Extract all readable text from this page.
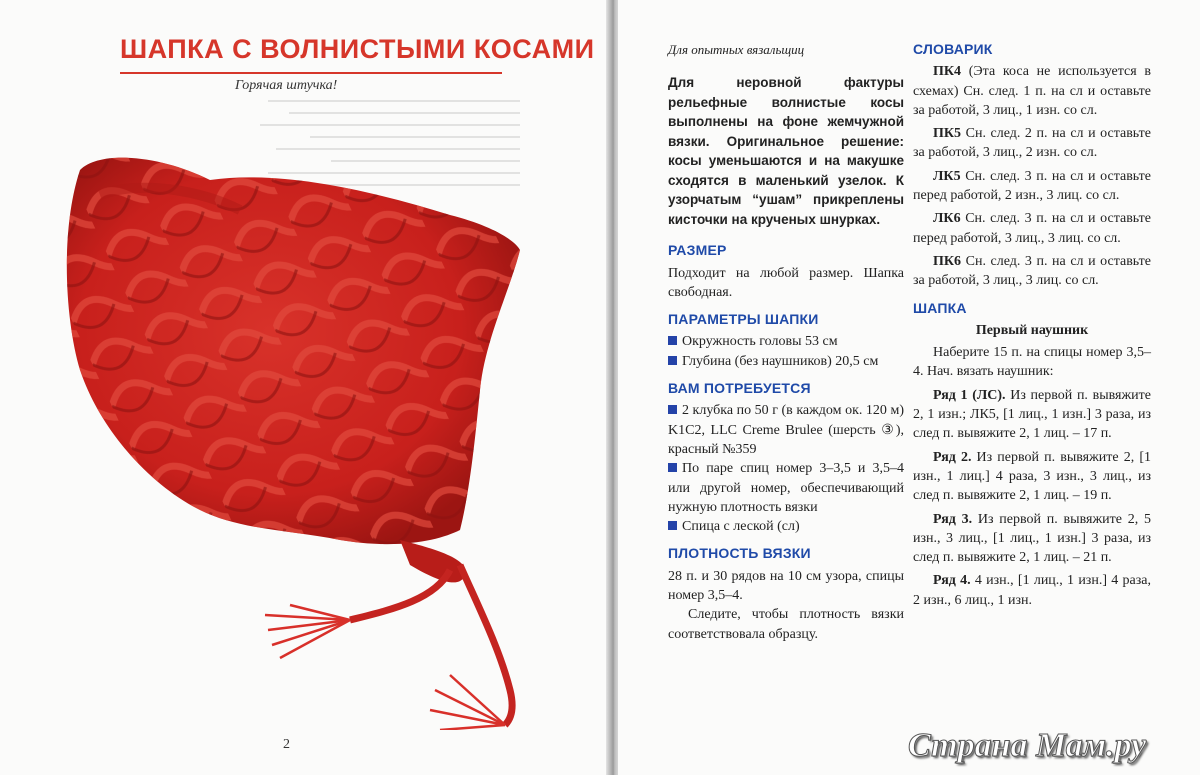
ШАПКА С ВОЛНИСТЫМИ КОСАМИ
Горячая штучка!
2
Для опытных вязальщиц

Для неровной фактуры рельефные волнистые косы выполнены на фоне жемчужной вязки. Оригинальное решение: косы уменьшаются и на макушке сходятся в маленький узелок. К узорчатым “ушам” прикреплены кисточки на крученых шнурках.

РАЗМЕР

Подходит на любой размер. Шапка свободная.

ПАРАМЕТРЫ ШАПКИ

Окружность головы 53 см

Глубина (без наушников) 20,5 см

ВАМ ПОТРЕБУЕТСЯ

2 клубка по 50 г (в каждом ок. 120 м) K1C2, LLC Creme Brulee (шерсть ③), красный №359

По паре спиц номер 3–3,5 и 3,5–4 или другой номер, обеспечивающий нужную плотность вязки

Спица с леской (сл)

ПЛОТНОСТЬ ВЯЗКИ

28 п. и 30 рядов на 10 см узора, спицы номер 3,5–4.

Следите, чтобы плотность вязки соответствовала образцу.

СЛОВАРИК

ПК4 (Эта коса не используется в схемах) Сн. след. 1 п. на сл и оставьте за работой, 3 лиц., 1 изн. со сл.

ПК5 Сн. след. 2 п. на сл и оставьте за работой, 3 лиц., 2 изн. со сл.

ЛК5 Сн. след. 3 п. на сл и оставьте перед работой, 2 изн., 3 лиц. со сл.

ЛК6 Сн. след. 3 п. на сл и оставьте перед работой, 3 лиц., 3 лиц. со сл.

ПК6 Сн. след. 3 п. на сл и оставьте за работой, 3 лиц., 3 лиц. со сл.

ШАПКА
Первый наушник

Наберите 15 п. на спицы номер 3,5–4. Нач. вязать наушник:

Ряд 1 (ЛС). Из первой п. вывяжите 2, 1 изн.; ЛК5, [1 лиц., 1 изн.] 3 раза, из след п. вывяжите 2, 1 лиц. – 17 п.

Ряд 2. Из первой п. вывяжите 2, [1 изн., 1 лиц.] 4 раза, 3 изн., 3 лиц., из след п. вывяжите 2, 1 лиц. – 19 п.

Ряд 3. Из первой п. вывяжите 2, 5 изн., 3 лиц., [1 лиц., 1 изн.] 3 раза, из след п. вывяжите 2, 1 лиц. – 21 п.

Ряд 4. 4 изн., [1 лиц., 1 изн.] 4 раза, 2 изн., 6 лиц., 1 изн.

Страна Мам.ру
